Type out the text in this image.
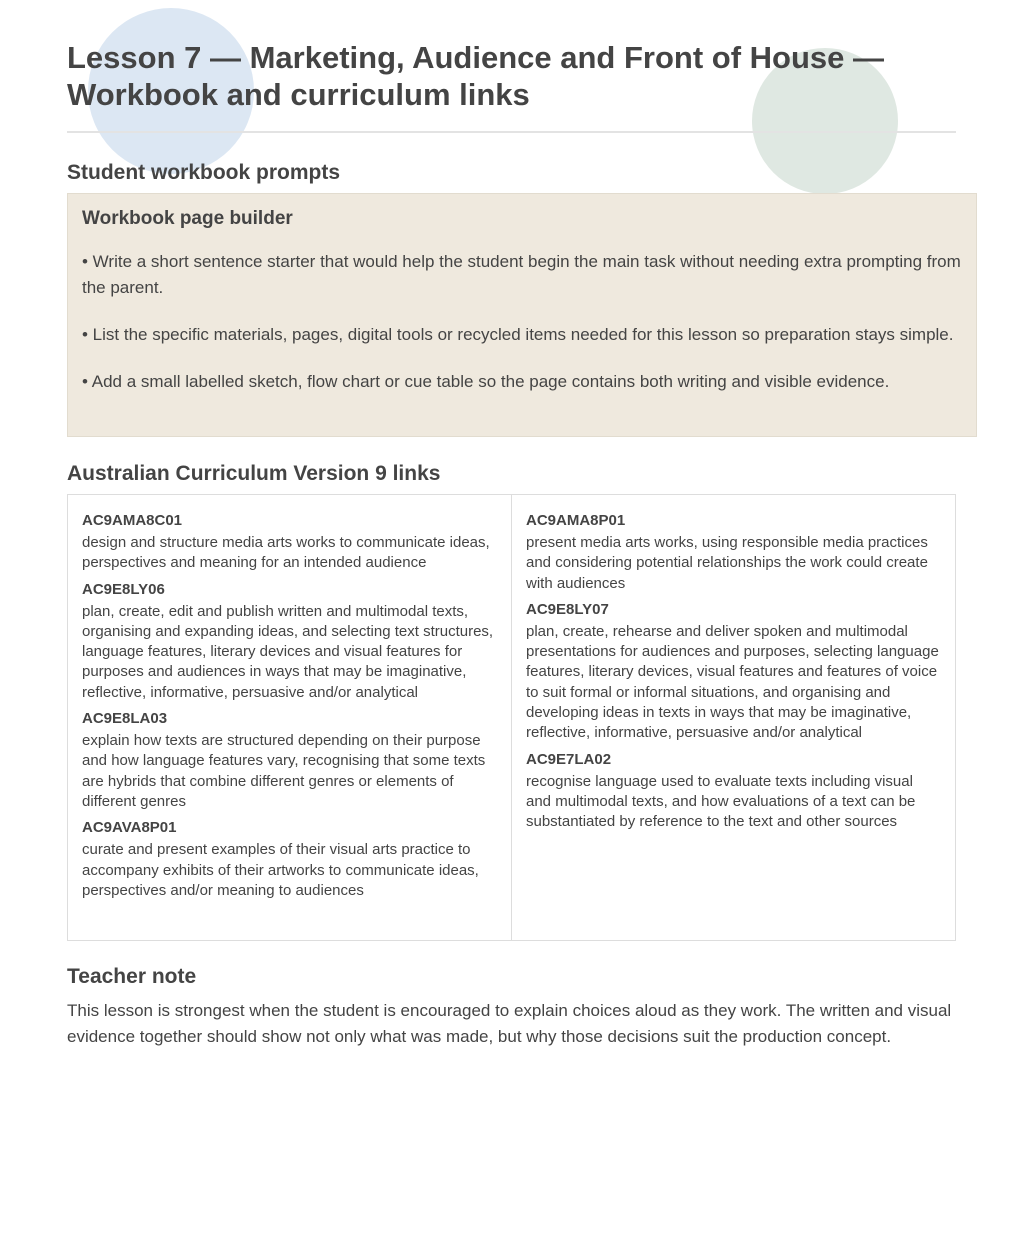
Lesson 7 — Marketing, Audience and Front of House — Workbook and curriculum links
Student workbook prompts
Workbook page builder

• Write a short sentence starter that would help the student begin the main task without needing extra prompting from the parent.

• List the specific materials, pages, digital tools or recycled items needed for this lesson so preparation stays simple.

• Add a small labelled sketch, flow chart or cue table so the page contains both writing and visible evidence.

Australian Curriculum Version 9 links
AC9AMA8C01

design and structure media arts works to communicate ideas, perspectives and meaning for an intended audience

AC9E8LY06

plan, create, edit and publish written and multimodal texts, organising and expanding ideas, and selecting text structures, language features, literary devices and visual features for purposes and audiences in ways that may be imaginative, reflective, informative, persuasive and/or analytical

AC9E8LA03

explain how texts are structured depending on their purpose and how language features vary, recognising that some texts are hybrids that combine different genres or elements of different genres

AC9AVA8P01

curate and present examples of their visual arts practice to accompany exhibits of their artworks to communicate ideas, perspectives and/or meaning to audiences

AC9AMA8P01

present media arts works, using responsible media practices and considering potential relationships the work could create with audiences

AC9E8LY07

plan, create, rehearse and deliver spoken and multimodal presentations for audiences and purposes, selecting language features, literary devices, visual features and features of voice to suit formal or informal situations, and organising and developing ideas in texts in ways that may be imaginative, reflective, informative, persuasive and/or analytical

AC9E7LA02

recognise language used to evaluate texts including visual and multimodal texts, and how evaluations of a text can be substantiated by reference to the text and other sources

Teacher note

This lesson is strongest when the student is encouraged to explain choices aloud as they work. The written and visual evidence together should show not only what was made, but why those decisions suit the production concept.
